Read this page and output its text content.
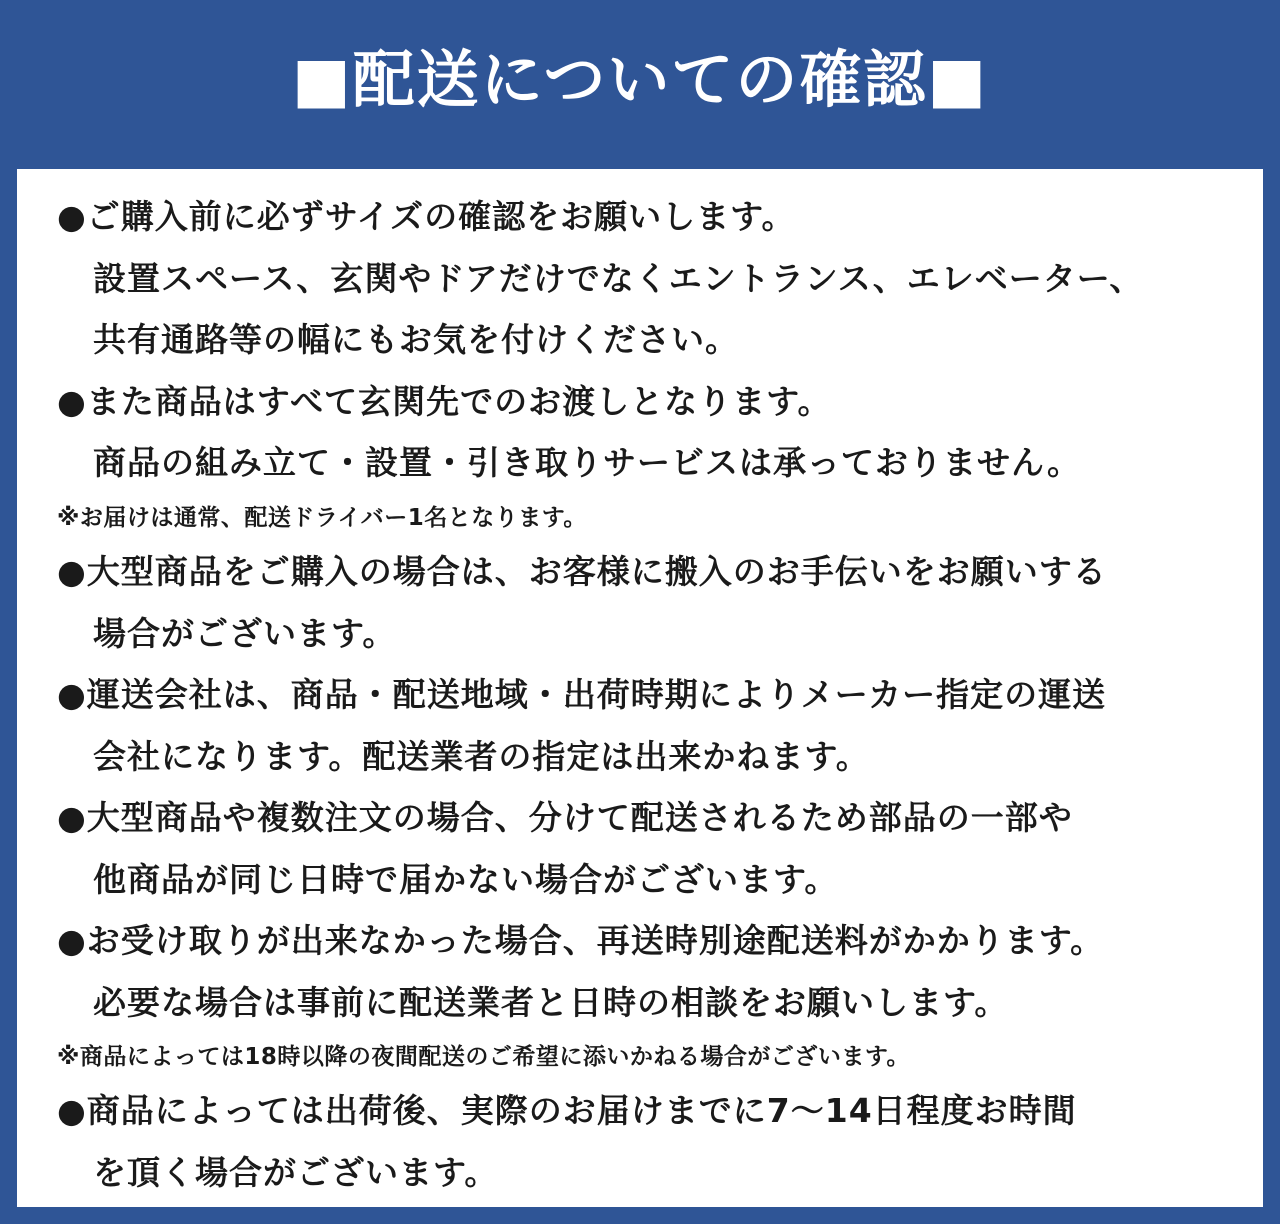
■配送についての確認■
●ご購入前に必ずサイズの確認をお願いします。
設置スペース、玄関やドアだけでなくエントランス、エレベーター、
共有通路等の幅にもお気を付けください。
●また商品はすべて玄関先でのお渡しとなります。
商品の組み立て・設置・引き取りサービスは承っておりません。
※お届けは通常、配送ドライバー1名となります。
●大型商品をご購入の場合は、お客様に搬入のお手伝いをお願いする
場合がございます。
●運送会社は、商品・配送地域・出荷時期によりメーカー指定の運送
会社になります。配送業者の指定は出来かねます。
●大型商品や複数注文の場合、分けて配送されるため部品の一部や
他商品が同じ日時で届かない場合がございます。
●お受け取りが出来なかった場合、再送時別途配送料がかかります。
必要な場合は事前に配送業者と日時の相談をお願いします。
※商品によっては18時以降の夜間配送のご希望に添いかねる場合がございます。
●商品によっては出荷後、実際のお届けまでに7〜14日程度お時間
を頂く場合がございます。
